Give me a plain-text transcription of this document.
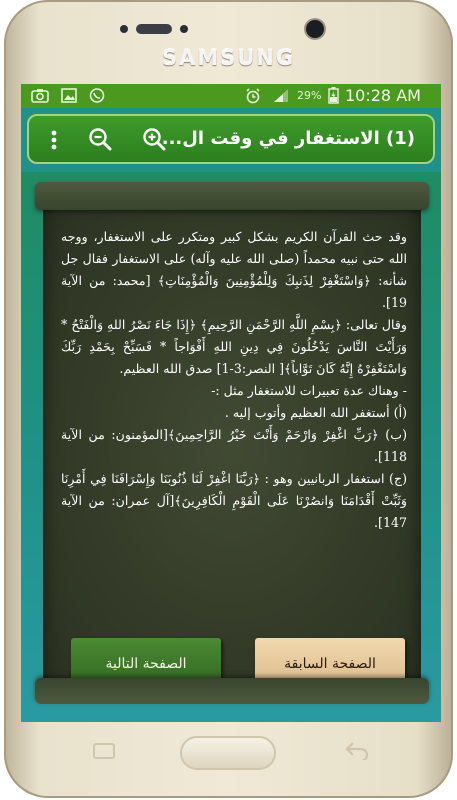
SAMSUNG
29% 10:28 AM
(1) الاستغفار في وقت ال...

وقد حث القرآن الكريم بشكل كبير ومتكرر على الاستغفار، ووجه الله حتى نبيه محمداً (صلى الله عليه وآله) على الاستغفار فقال جل شأنه: ﴿وَاسْتَغْفِرْ لِذَنبِكَ وَلِلْمُؤْمِنِينَ وَالْمُؤْمِنَاتِ﴾ [محمد: من الآية 19].

وقال تعالى: ﴿بِسْمِ اللَّهِ الرَّحْمَنِ الرَّحِيمِ﴾ ﴿إِذَا جَاءَ نَصْرُ اللهِ وَالْفَتْحُ * وَرَأَيْتَ النَّاسَ يَدْخُلُونَ فِي دِينِ اللهِ أَفْوَاجاً * فَسَبِّحْ بِحَمْدِ رَبِّكَ وَاسْتَغْفِرْهُ إِنَّهُ كَانَ تَوَّاباً﴾[ النصر:3-1] صدق الله العظيم.

- وهناك عدة تعبيرات للاستغفار مثل :-

(أ) أستغفر الله العظيم وأتوب إليه .

(ب) ﴿رَبِّ اغْفِرْ وَارْحَمْ وَأَنْتَ خَيْرُ الرَّاحِمِينَ﴾[المؤمنون: من الآية 118].

(ج) استغفار الربانيين وهو : ﴿رَبَّنَا اغْفِرْ لَنَا ذُنُوبَنَا وَإِسْرَافَنَا فِي أَمْرِنَا وَثَبِّتْ أَقْدَامَنَا وَانصُرْنَا عَلَى الْقَوْمِ الْكَافِرِينَ﴾[آل عمران: من الآية 147].

الصفحة السابقة
الصفحة التالية
